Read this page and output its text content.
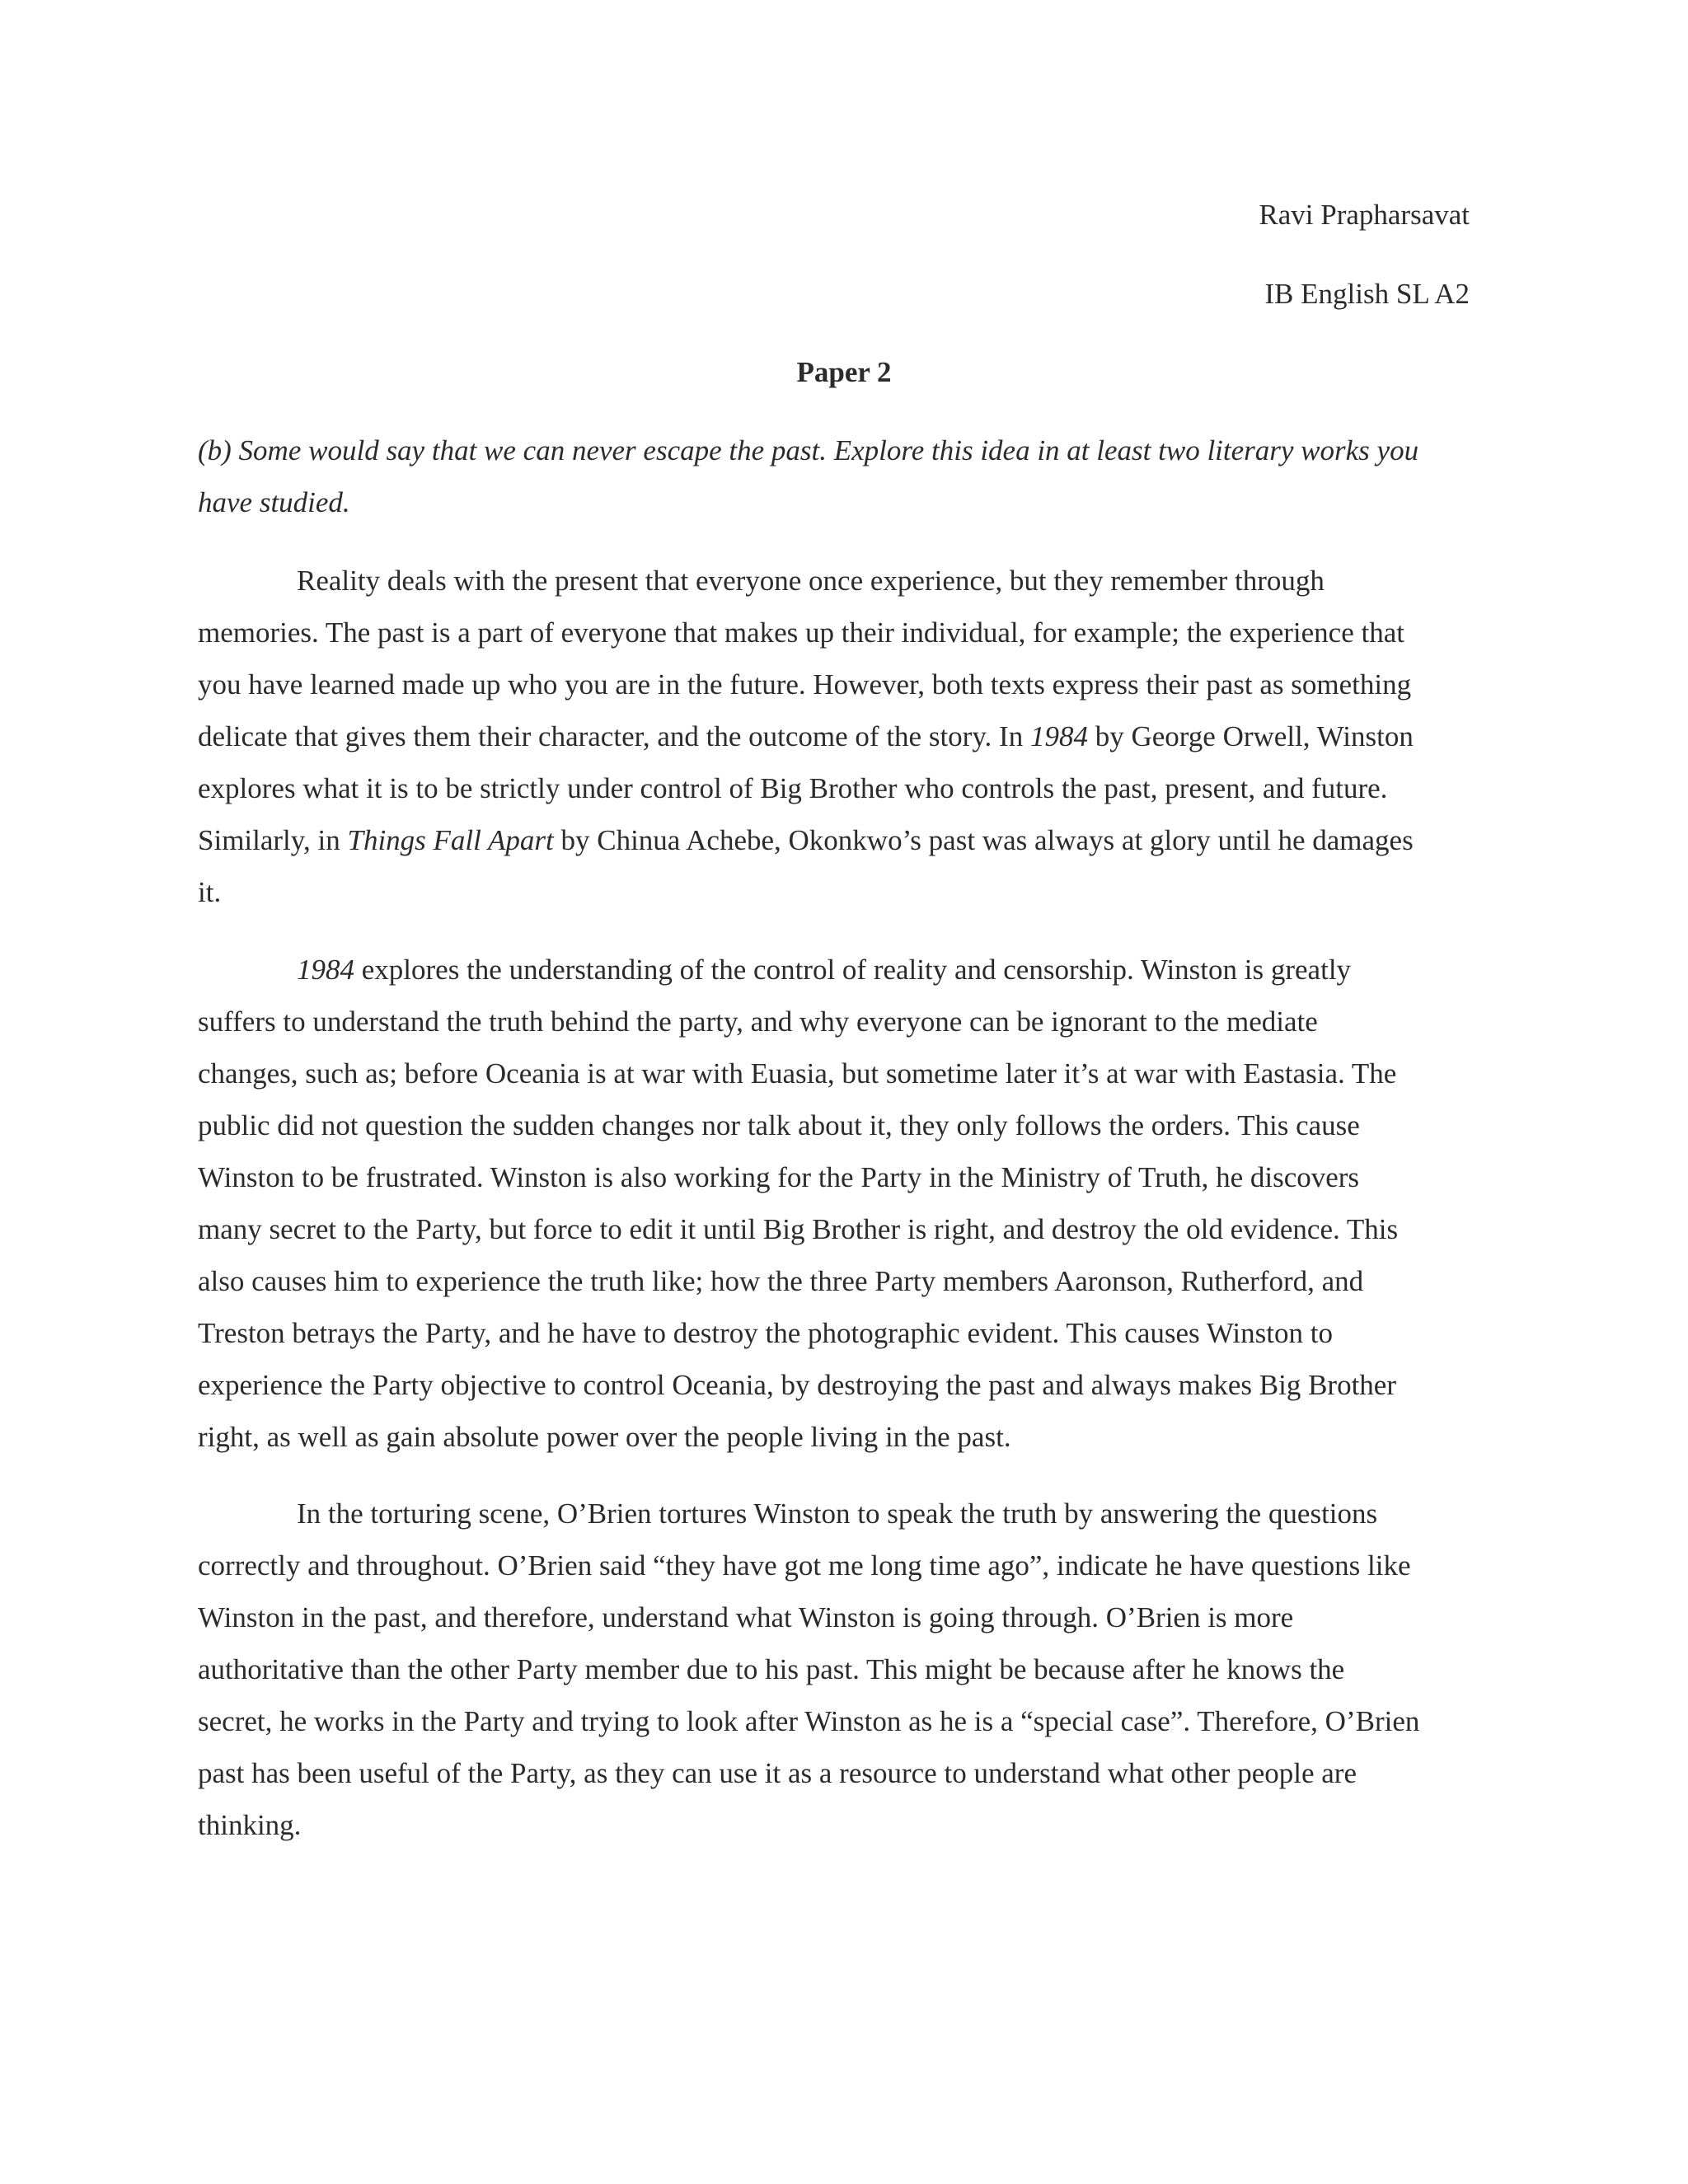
Ravi Prapharsavat
IB English SL A2
Paper 2
(b) Some would say that we can never escape the past. Explore this idea in at least two literary works you
have studied.
Reality deals with the present that everyone once experience, but they remember through
memories. The past is a part of everyone that makes up their individual, for example; the experience that
you have learned made up who you are in the future. However, both texts express their past as something
delicate that gives them their character, and the outcome of the story. In 1984 by George Orwell, Winston
explores what it is to be strictly under control of Big Brother who controls the past, present, and future.
Similarly, in Things Fall Apart by Chinua Achebe, Okonkwo’s past was always at glory until he damages
it.
1984 explores the understanding of the control of reality and censorship. Winston is greatly
suffers to understand the truth behind the party, and why everyone can be ignorant to the mediate
changes, such as; before Oceania is at war with Euasia, but sometime later it’s at war with Eastasia. The
public did not question the sudden changes nor talk about it, they only follows the orders. This cause
Winston to be frustrated. Winston is also working for the Party in the Ministry of Truth, he discovers
many secret to the Party, but force to edit it until Big Brother is right, and destroy the old evidence. This
also causes him to experience the truth like; how the three Party members Aaronson, Rutherford, and
Treston betrays the Party, and he have to destroy the photographic evident. This causes Winston to
experience the Party objective to control Oceania, by destroying the past and always makes Big Brother
right, as well as gain absolute power over the people living in the past.
In the torturing scene, O’Brien tortures Winston to speak the truth by answering the questions
correctly and throughout. O’Brien said “they have got me long time ago”, indicate he have questions like
Winston in the past, and therefore, understand what Winston is going through. O’Brien is more
authoritative than the other Party member due to his past. This might be because after he knows the
secret, he works in the Party and trying to look after Winston as he is a “special case”. Therefore, O’Brien
past has been useful of the Party, as they can use it as a resource to understand what other people are
thinking.
